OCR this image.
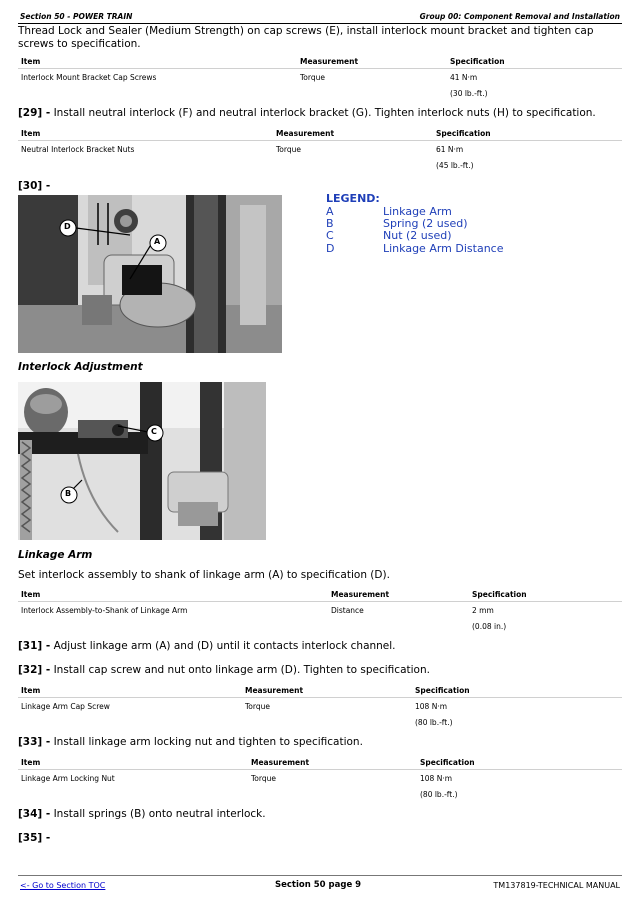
Section 50 - POWER TRAIN	Group 00: Component Removal and Installation
Thread Lock and Sealer (Medium Strength) on cap screws (E), install interlock mount bracket and tighten cap screws to specification.
Item	Measurement	Specification
Interlock Mount Bracket Cap Screws	Torque	41 N·m
(30 lb.-ft.)
[29] - Install neutral interlock (F) and neutral interlock bracket (G). Tighten interlock nuts (H) to specification.
Item	Measurement	Specification
Neutral Interlock Bracket Nuts	Torque	61 N·m
(45 lb.-ft.)
[30] -
D
A
LEGEND:
A	Linkage Arm
B	Spring (2 used)
C	Nut (2 used)
D	Linkage Arm Distance
Interlock Adjustment
C
B
Linkage Arm
Set interlock assembly to shank of linkage arm (A) to specification (D).
Item	Measurement	Specification
Interlock Assembly-to-Shank of Linkage Arm	Distance	2 mm
(0.08 in.)
[31] - Adjust linkage arm (A) and (D) until it contacts interlock channel.
[32] - Install cap screw and nut onto linkage arm (D). Tighten to specification.
Item	Measurement	Specification
Linkage Arm Cap Screw	Torque	108 N·m
(80 lb.-ft.)
[33] - Install linkage arm locking nut and tighten to specification.
Item	Measurement	Specification
Linkage Arm Locking Nut	Torque	108 N·m
(80 lb.-ft.)
[34] - Install springs (B) onto neutral interlock.
[35] -
<- Go to Section TOC	Section 50 page 9	TM137819-TECHNICAL MANUAL
